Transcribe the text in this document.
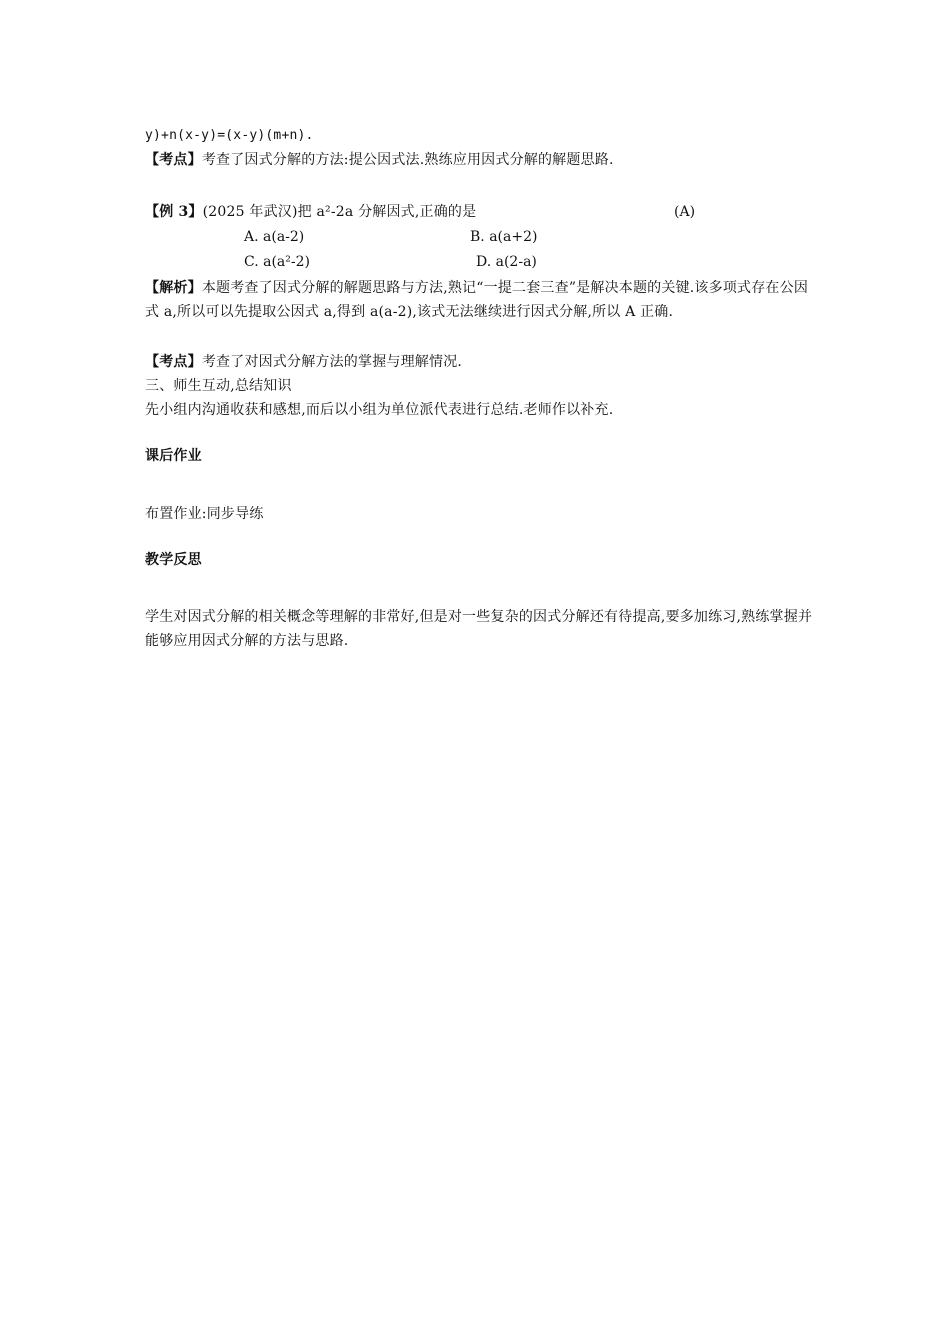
y)+n(x-y)=(x-y)(m+n).
【考点】考查了因式分解的方法:提公因式法.熟练应用因式分解的解题思路.
【例 3】(2025 年武汉)把 a²-2a 分解因式,正确的是	(A)
A. a(a-2)	B. a(a+2)
C. a(a²-2)	D. a(2-a)
【解析】本题考查了因式分解的解题思路与方法,熟记“一提二套三查”是解决本题的关键.该多项式存在公因式 a,所以可以先提取公因式 a,得到 a(a-2),该式无法继续进行因式分解,所以 A 正确.
【考点】考查了对因式分解方法的掌握与理解情况.
三、师生互动,总结知识
先小组内沟通收获和感想,而后以小组为单位派代表进行总结.老师作以补充.
课后作业
布置作业:同步导练
教学反思
学生对因式分解的相关概念等理解的非常好,但是对一些复杂的因式分解还有待提高,要多加练习,熟练掌握并能够应用因式分解的方法与思路.
